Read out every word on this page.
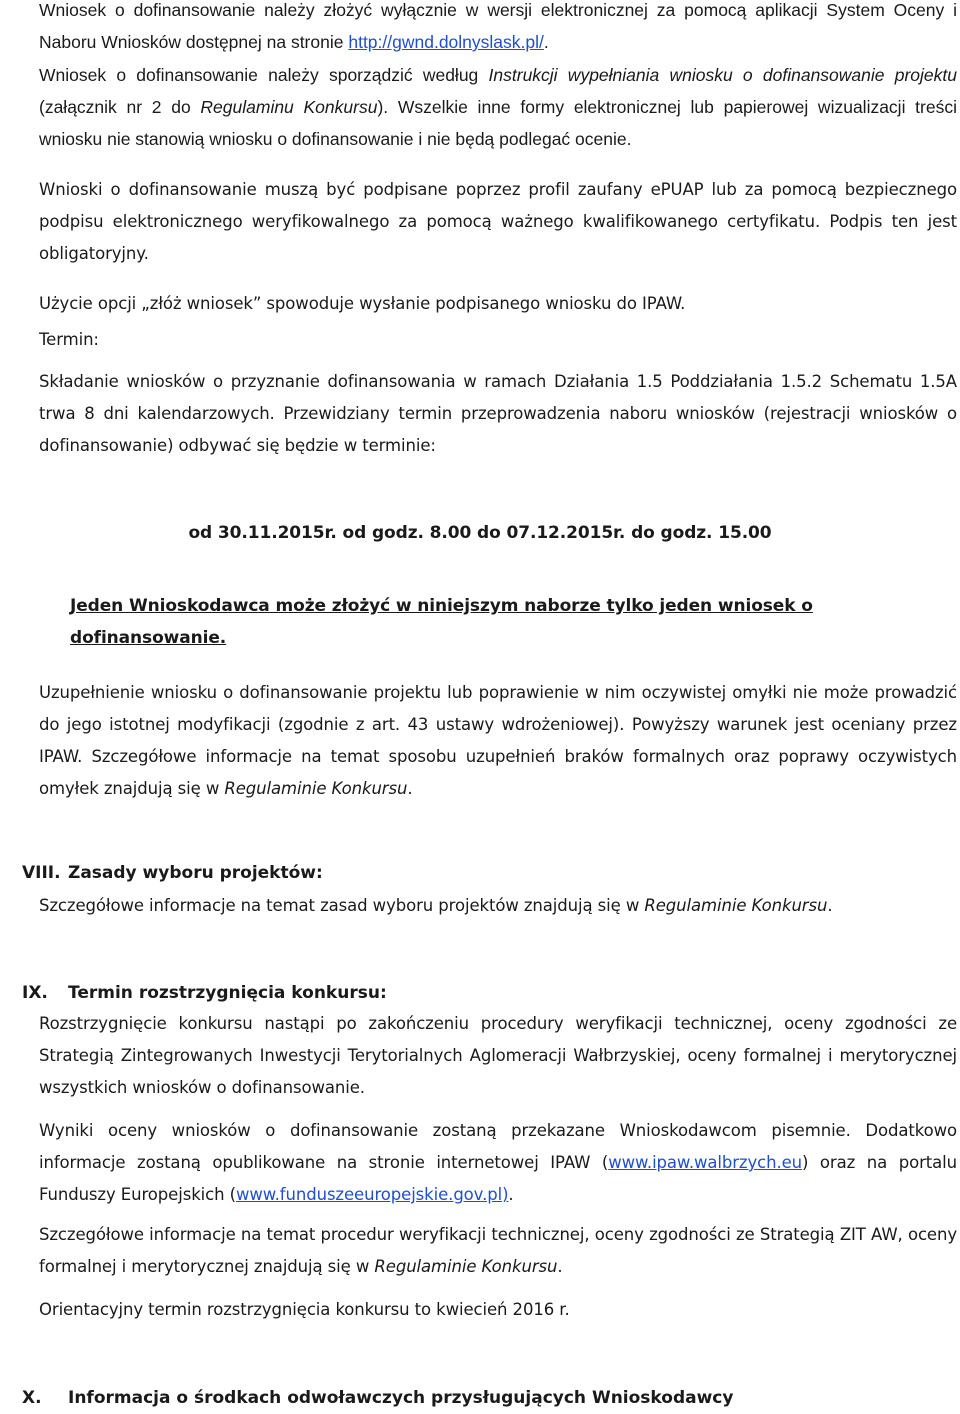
Wniosek o dofinansowanie należy złożyć wyłącznie w wersji elektronicznej za pomocą aplikacji System Oceny i Naboru Wniosków dostępnej na stronie http://gwnd.dolnyslask.pl/.

Wniosek o dofinansowanie należy sporządzić według Instrukcji wypełniania wniosku o dofinansowanie projektu (załącznik nr 2 do Regulaminu Konkursu). Wszelkie inne formy elektronicznej lub papierowej wizualizacji treści wniosku nie stanowią wniosku o dofinansowanie i nie będą podlegać ocenie.

Wnioski o dofinansowanie muszą być podpisane poprzez profil zaufany ePUAP lub za pomocą bezpiecznego podpisu elektronicznego weryfikowalnego za pomocą ważnego kwalifikowanego certyfikatu. Podpis ten jest obligatoryjny.

Użycie opcji „złóż wniosek” spowoduje wysłanie podpisanego wniosku do IPAW.

Termin:

Składanie wniosków o przyznanie dofinansowania w ramach Działania 1.5 Poddziałania 1.5.2 Schematu 1.5A trwa 8 dni kalendarzowych. Przewidziany termin przeprowadzenia naboru wniosków (rejestracji wniosków o dofinansowanie) odbywać się będzie w terminie:

od 30.11.2015r. od godz. 8.00 do 07.12.2015r. do godz. 15.00

Jeden Wnioskodawca może złożyć w niniejszym naborze tylko jeden wniosek o dofinansowanie.

Uzupełnienie wniosku o dofinansowanie projektu lub poprawienie w nim oczywistej omyłki nie może prowadzić do jego istotnej modyfikacji (zgodnie z art. 43 ustawy wdrożeniowej). Powyższy warunek jest oceniany przez IPAW. Szczegółowe informacje na temat sposobu uzupełnień braków formalnych oraz poprawy oczywistych omyłek znajdują się w Regulaminie Konkursu.

VIII. Zasady wyboru projektów:

Szczegółowe informacje na temat zasad wyboru projektów znajdują się w Regulaminie Konkursu.

IX. Termin rozstrzygnięcia konkursu:

Rozstrzygnięcie konkursu nastąpi po zakończeniu procedury weryfikacji technicznej, oceny zgodności ze Strategią Zintegrowanych Inwestycji Terytorialnych Aglomeracji Wałbrzyskiej, oceny formalnej i merytorycznej wszystkich wniosków o dofinansowanie.

Wyniki oceny wniosków o dofinansowanie zostaną przekazane Wnioskodawcom pisemnie. Dodatkowo informacje zostaną opublikowane na stronie internetowej IPAW (www.ipaw.walbrzych.eu) oraz na portalu Funduszy Europejskich (www.funduszeeuropejskie.gov.pl).

Szczegółowe informacje na temat procedur weryfikacji technicznej, oceny zgodności ze Strategią ZIT AW, oceny formalnej i merytorycznej znajdują się w Regulaminie Konkursu.

Orientacyjny termin rozstrzygnięcia konkursu to kwiecień 2016 r.

X. Informacja o środkach odwoławczych przysługujących Wnioskodawcy
